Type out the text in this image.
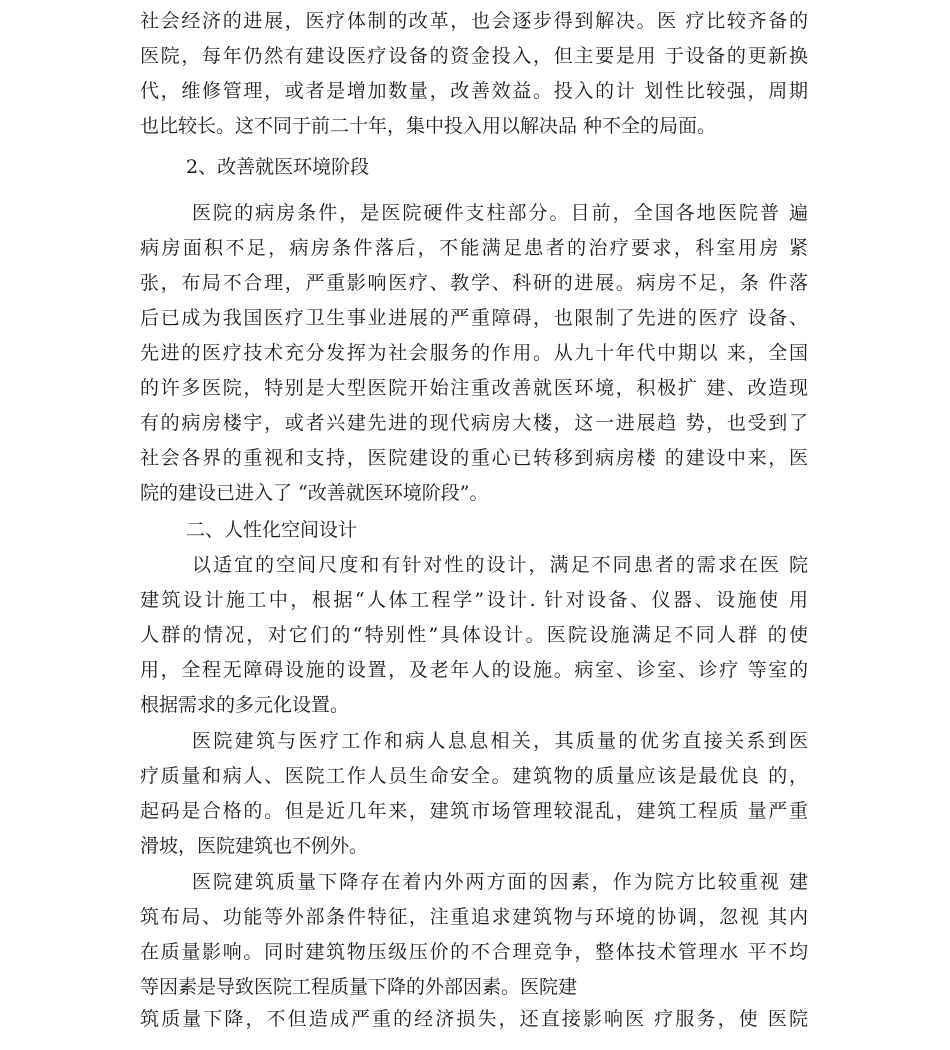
社会经济的进展，医疗体制的改革，也会逐步得到解决。医 疗比较齐备的
医院，每年仍然有建设医疗设备的资金投入，但主要是用 于设备的更新换
代，维修管理，或者是增加数量，改善效益。投入的计 划性比较强，周期
也比较长。这不同于前二十年，集中投入用以解决品 种不全的局面。
2、改善就医环境阶段
医院的病房条件，是医院硬件支柱部分。目前，全国各地医院普 遍
病房面积不足，病房条件落后，不能满足患者的治疗要求，科室用房 紧
张，布局不合理，严重影响医疗、教学、科研的进展。病房不足，条 件落
后已成为我国医疗卫生事业进展的严重障碍，也限制了先进的医疗 设备、
先进的医疗技术充分发挥为社会服务的作用。从九十年代中期以 来，全国
的许多医院，特别是大型医院开始注重改善就医环境，积极扩 建、改造现
有的病房楼宇，或者兴建先进的现代病房大楼，这一进展趋 势，也受到了
社会各界的重视和支持，医院建设的重心已转移到病房楼 的建设中来，医
院的建设已进入了 “改善就医环境阶段”。
二、人性化空间设计
以适宜的空间尺度和有针对性的设计，满足不同患者的需求在医 院
建筑设计施工中，根据“人体工程学”设计. 针对设备、仪器、设施使 用
人群的情况，对它们的“特别性”具体设计。医院设施满足不同人群 的使
用，全程无障碍设施的设置，及老年人的设施。病室、诊室、诊疗 等室的
根据需求的多元化设置。
医院建筑与医疗工作和病人息息相关，其质量的优劣直接关系到医
疗质量和病人、医院工作人员生命安全。建筑物的质量应该是最优良 的，
起码是合格的。但是近几年来，建筑市场管理较混乱，建筑工程质 量严重
滑坡，医院建筑也不例外。
医院建筑质量下降存在着内外两方面的因素，作为院方比较重视 建
筑布局、功能等外部条件特征，注重追求建筑物与环境的协调，忽视 其内
在质量影响。同时建筑物压级压价的不合理竞争，整体技术管理水 平不均
等因素是导致医院工程质量下降的外部因素。医院建
筑质量下降，不但造成严重的经济损失，还直接影响医 疗服务，使 医院
